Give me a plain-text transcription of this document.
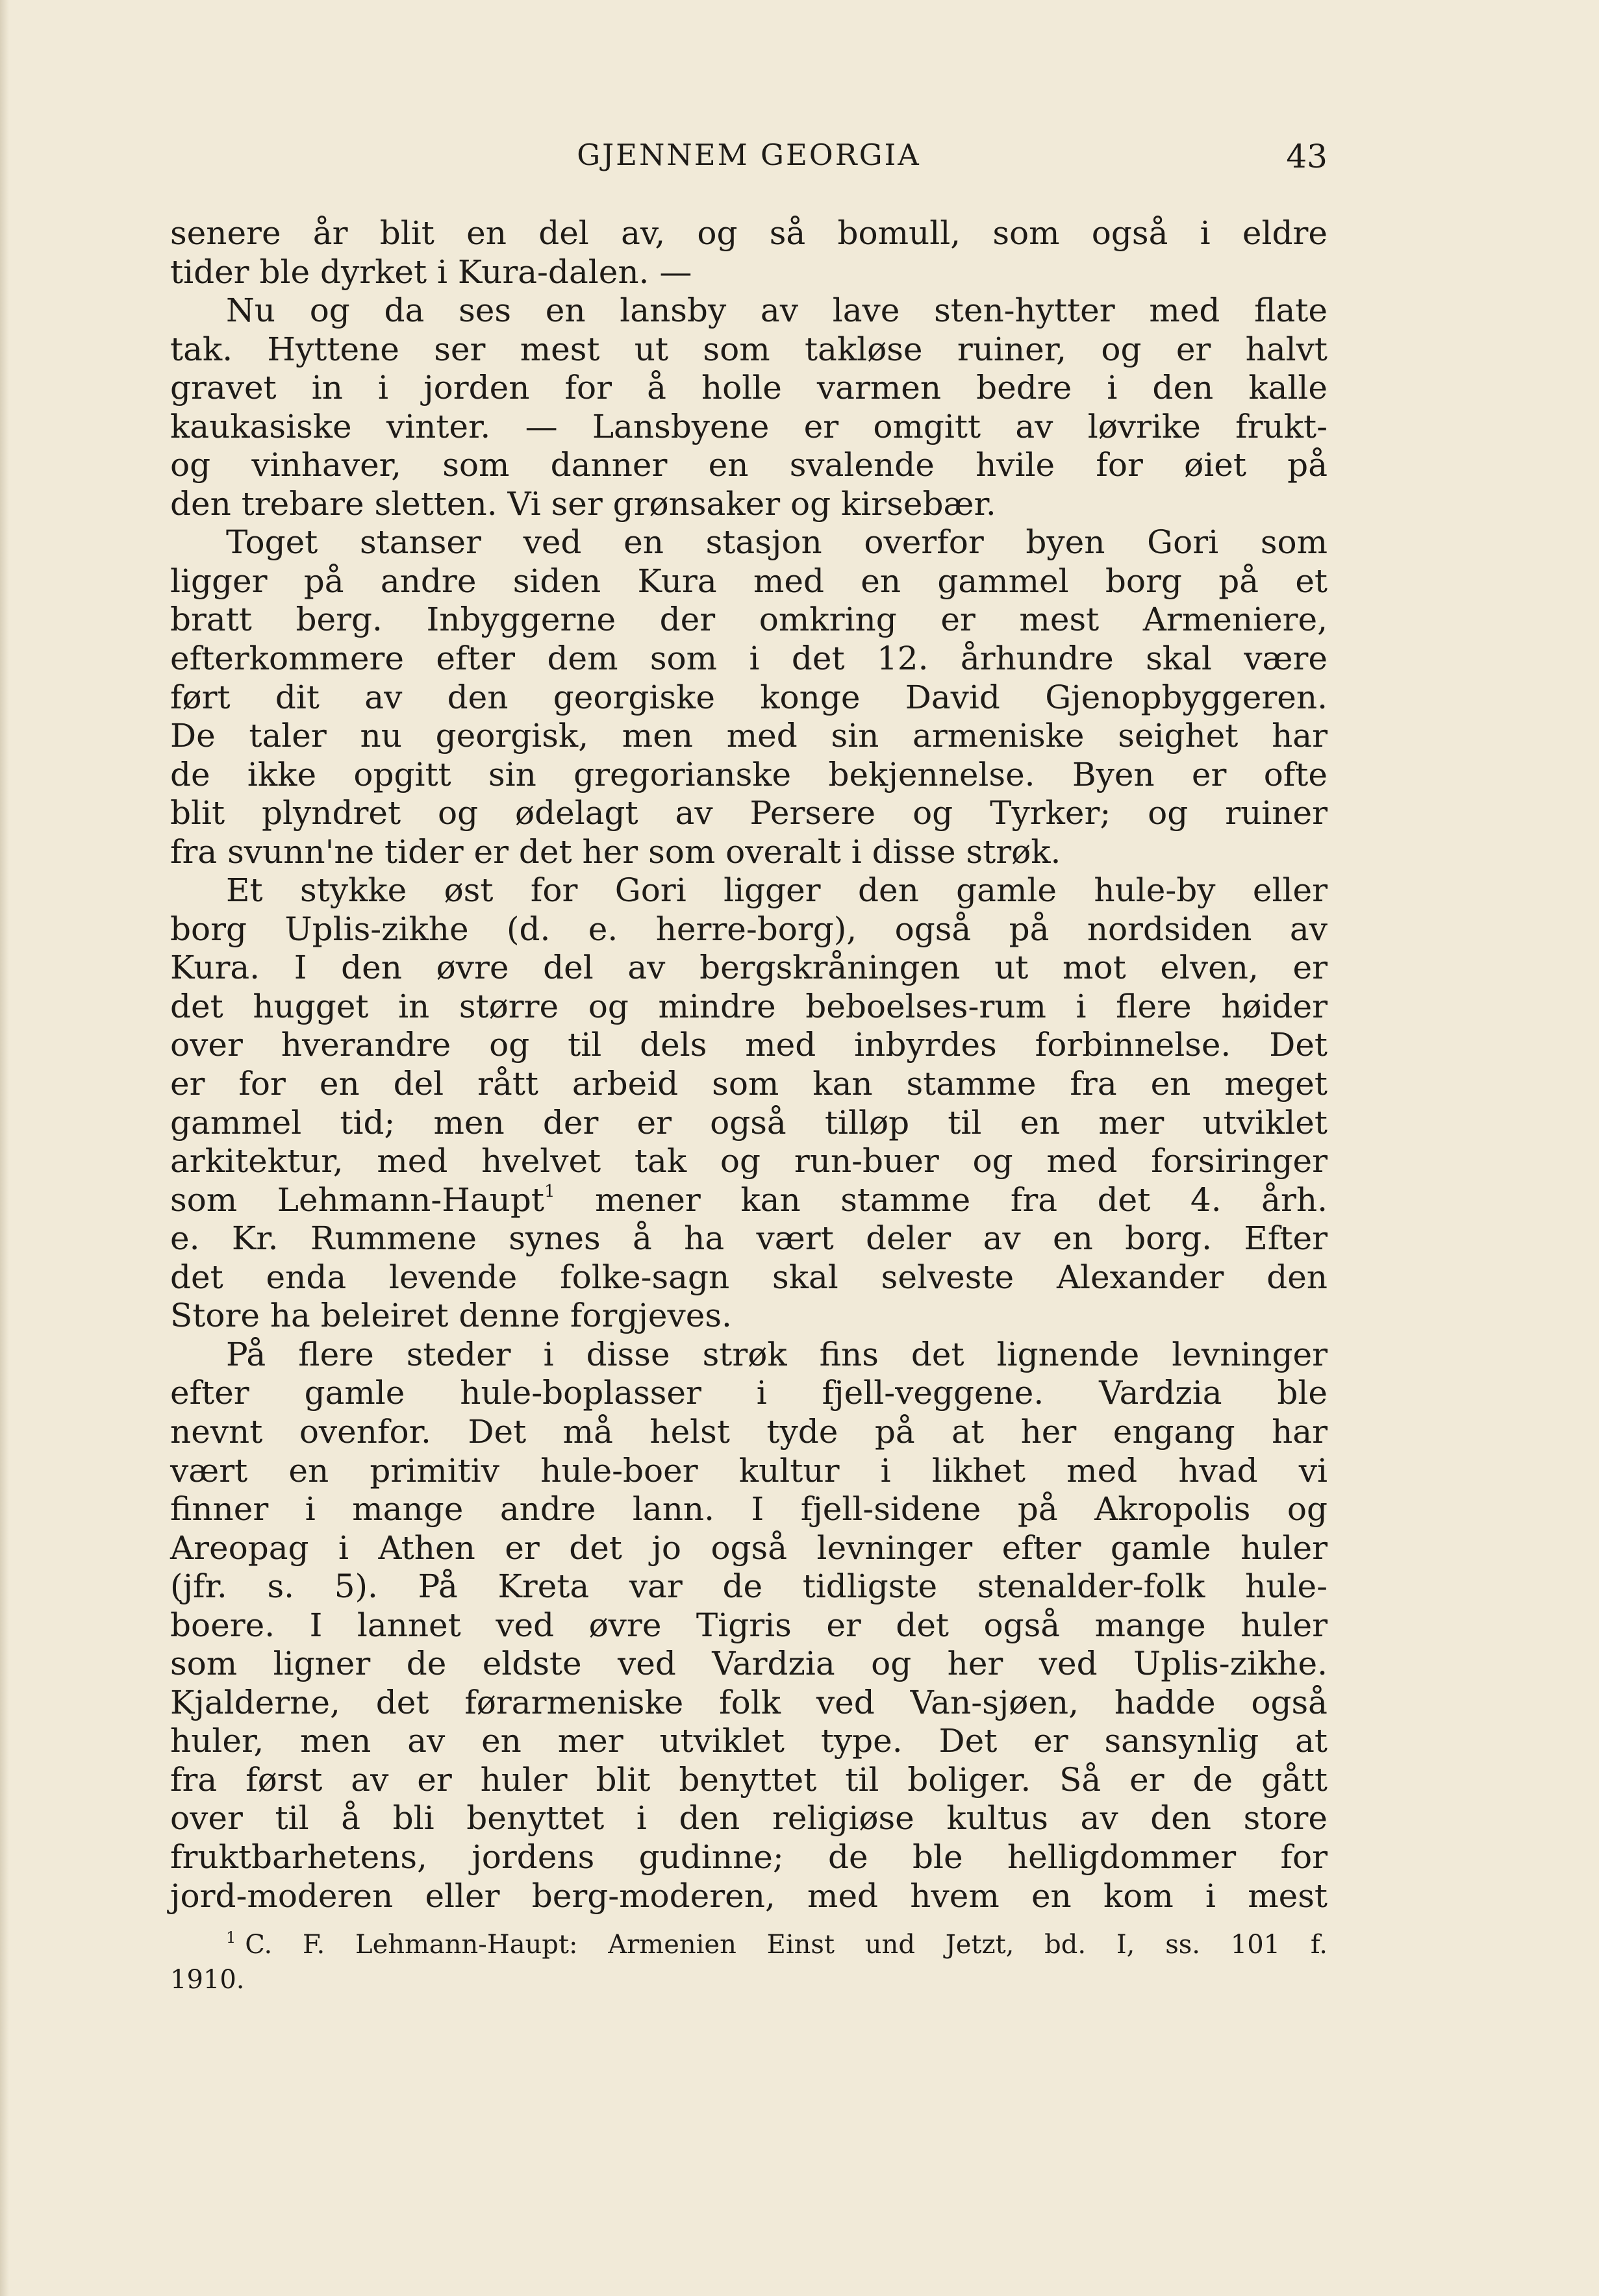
GJENNEM GEORGIA	43
senere år blit en del av, og så bomull, som også i eldre
tider ble dyrket i Kura-dalen. —
Nu og da ses en lansby av lave sten-hytter med flate
tak. Hyttene ser mest ut som takløse ruiner, og er halvt
gravet in i jorden for å holle varmen bedre i den kalle
kaukasiske vinter. — Lansbyene er omgitt av løvrike frukt-
og vinhaver, som danner en svalende hvile for øiet på
den trebare sletten. Vi ser grønsaker og kirsebær.
Toget stanser ved en stasjon overfor byen Gori som
ligger på andre siden Kura med en gammel borg på et
bratt berg. Inbyggerne der omkring er mest Armeniere,
efterkommere efter dem som i det 12. århundre skal være
ført dit av den georgiske konge David Gjenopbyggeren.
De taler nu georgisk, men med sin armeniske seighet har
de ikke opgitt sin gregorianske bekjennelse. Byen er ofte
blit plyndret og ødelagt av Persere og Tyrker; og ruiner
fra svunn'ne tider er det her som overalt i disse strøk.
Et stykke øst for Gori ligger den gamle hule-by eller
borg Uplis-zikhe (d. e. herre-borg), også på nordsiden av
Kura. I den øvre del av bergskråningen ut mot elven, er
det hugget in større og mindre beboelses-rum i flere høider
over hverandre og til dels med inbyrdes forbinnelse. Det
er for en del rått arbeid som kan stamme fra en meget
gammel tid; men der er også tilløp til en mer utviklet
arkitektur, med hvelvet tak og run-buer og med forsiringer
som Lehmann-Haupt$^1$ mener kan stamme fra det 4. årh.
e. Kr. Rummene synes å ha vært deler av en borg. Efter
det enda levende folke-sagn skal selveste Alexander den
Store ha beleiret denne forgjeves.
På flere steder i disse strøk fins det lignende levninger
efter gamle hule-boplasser i fjell-veggene. Vardzia ble
nevnt ovenfor. Det må helst tyde på at her engang har
vært en primitiv hule-boer kultur i likhet med hvad vi
finner i mange andre lann. I fjell-sidene på Akropolis og
Areopag i Athen er det jo også levninger efter gamle huler
(jfr. s. 5). På Kreta var de tidligste stenalder-folk hule-
boere. I lannet ved øvre Tigris er det også mange huler
som ligner de eldste ved Vardzia og her ved Uplis-zikhe.
Kjalderne, det førarmeniske folk ved Van-sjøen, hadde også
huler, men av en mer utviklet type. Det er sansynlig at
fra først av er huler blit benyttet til boliger. Så er de gått
over til å bli benyttet i den religiøse kultus av den store
fruktbarhetens, jordens gudinne; de ble helligdommer for
jord-moderen eller berg-moderen, med hvem en kom i mest
$^1$ C. F. Lehmann-Haupt: Armenien Einst und Jetzt, bd. I, ss. 101 f.
1910.
